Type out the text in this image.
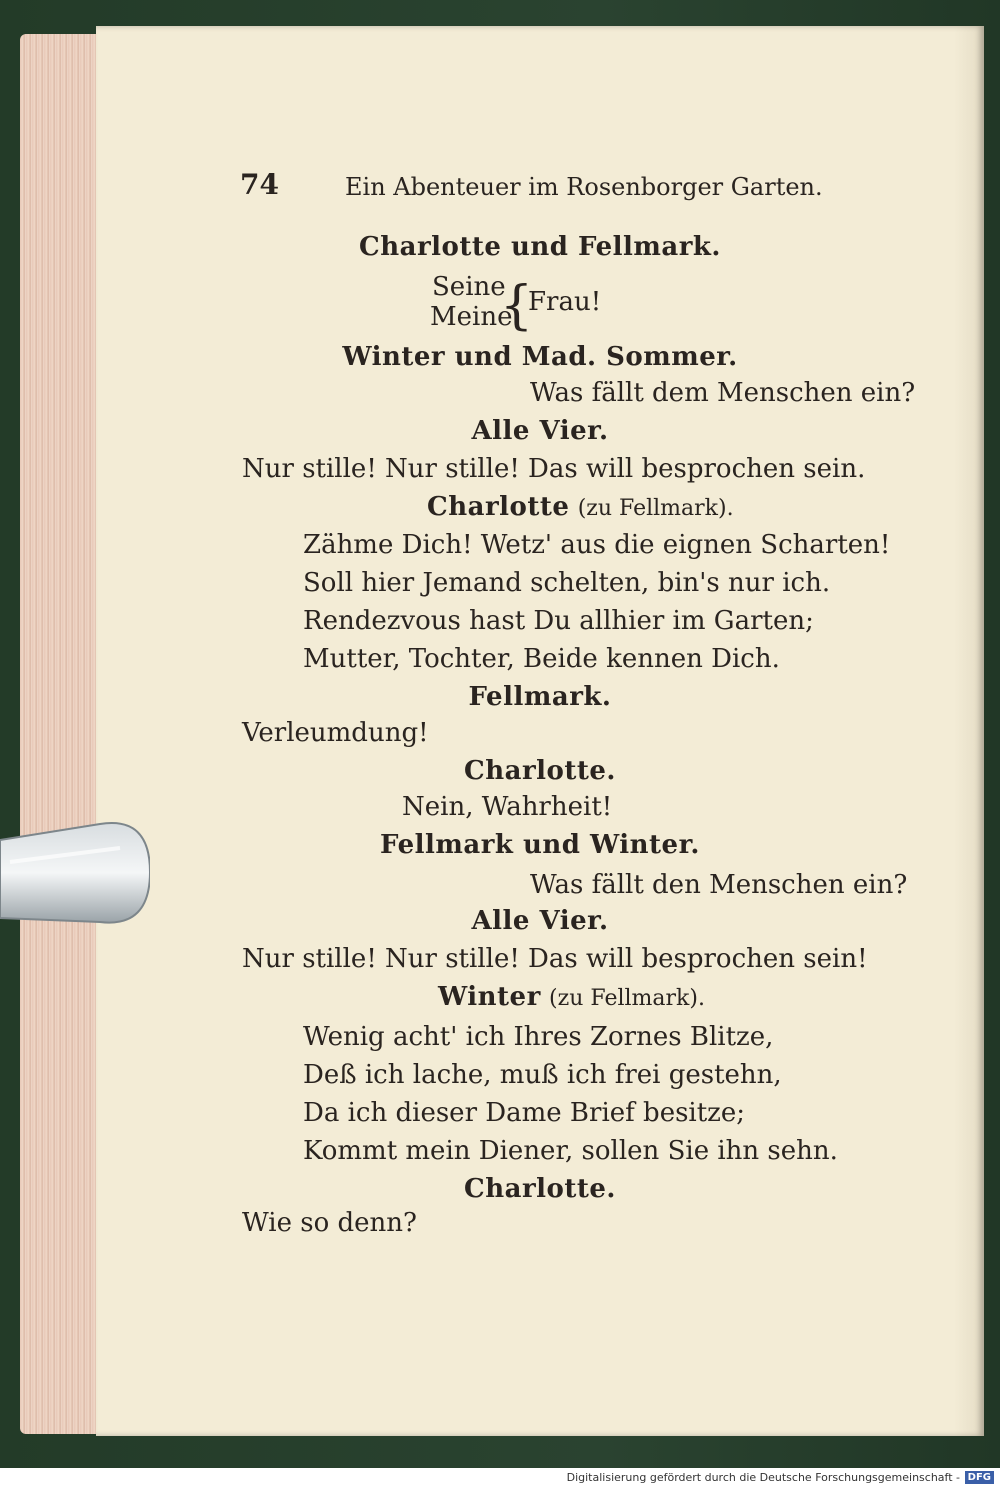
74	Ein Abenteuer im Rosenborger Garten.
Charlotte und Fellmark.
Seine
Meine
{
Frau!
Winter und Mad. Sommer.
Was fällt dem Menschen ein?
Alle Vier.
Nur stille! Nur stille! Das will besprochen sein.
Charlotte (zu Fellmark).
Zähme Dich! Wetz' aus die eignen Scharten!
Soll hier Jemand schelten, bin's nur ich.
Rendezvous hast Du allhier im Garten;
Mutter, Tochter, Beide kennen Dich.
Fellmark.
Verleumdung!
Charlotte.
Nein, Wahrheit!
Fellmark und Winter.
Was fällt den Menschen ein?
Alle Vier.
Nur stille! Nur stille! Das will besprochen sein!
Winter (zu Fellmark).
Wenig acht' ich Ihres Zornes Blitze,
Deß ich lache, muß ich frei gestehn,
Da ich dieser Dame Brief besitze;
Kommt mein Diener, sollen Sie ihn sehn.
Charlotte.
Wie so denn?
Digitalisierung gefördert durch die Deutsche Forschungsgemeinschaft - DFG
